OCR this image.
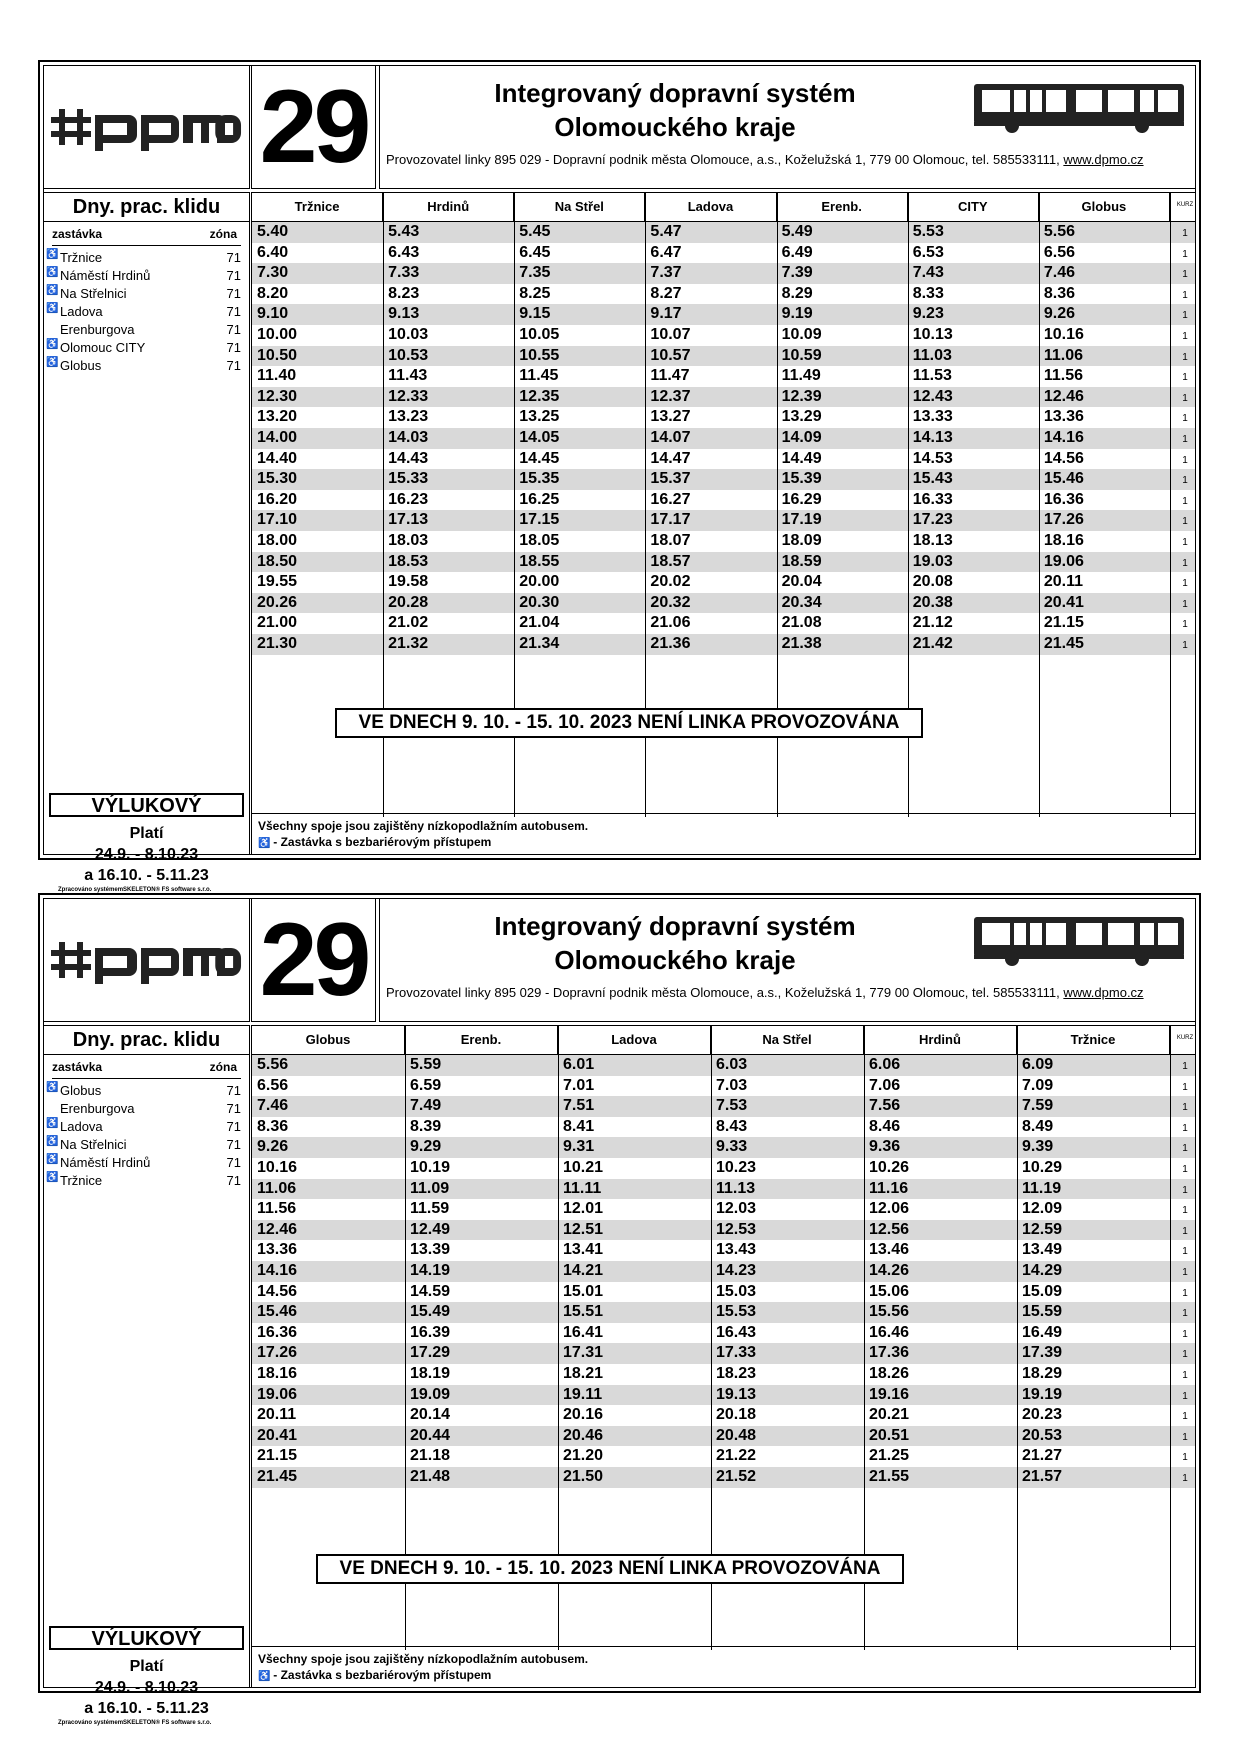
29	Integrovaný dopravní systém
Olomouckého kraje
Provozovatel linky 895 029 - Dopravní podnik města Olomouce, a.s., Koželužská 1, 779 00 Olomouc, tel. 585533111, www.dpmo.cz
Dny. prac. klidu
zastávka	zóna
♿ Tržnice	71
♿ Náměstí Hrdinů	71
♿ Na Střelnici	71
♿ Ladova	71
Erenburgova	71
♿ Olomouc CITY	71
♿ Globus	71
VÝLUKOVÝ
Platí
24.9. - 8.10.23
a 16.10. - 5.11.23
Zpracováno systémemSKELETON® FS software s.r.o.
Tržnice	Hrdinů	Na Střel	Ladova	Erenb.	CITY	Globus	KURZ
5.40	5.43	5.45	5.47	5.49	5.53	5.56	1
6.40	6.43	6.45	6.47	6.49	6.53	6.56	1
7.30	7.33	7.35	7.37	7.39	7.43	7.46	1
8.20	8.23	8.25	8.27	8.29	8.33	8.36	1
9.10	9.13	9.15	9.17	9.19	9.23	9.26	1
10.00	10.03	10.05	10.07	10.09	10.13	10.16	1
10.50	10.53	10.55	10.57	10.59	11.03	11.06	1
11.40	11.43	11.45	11.47	11.49	11.53	11.56	1
12.30	12.33	12.35	12.37	12.39	12.43	12.46	1
13.20	13.23	13.25	13.27	13.29	13.33	13.36	1
14.00	14.03	14.05	14.07	14.09	14.13	14.16	1
14.40	14.43	14.45	14.47	14.49	14.53	14.56	1
15.30	15.33	15.35	15.37	15.39	15.43	15.46	1
16.20	16.23	16.25	16.27	16.29	16.33	16.36	1
17.10	17.13	17.15	17.17	17.19	17.23	17.26	1
18.00	18.03	18.05	18.07	18.09	18.13	18.16	1
18.50	18.53	18.55	18.57	18.59	19.03	19.06	1
19.55	19.58	20.00	20.02	20.04	20.08	20.11	1
20.26	20.28	20.30	20.32	20.34	20.38	20.41	1
21.00	21.02	21.04	21.06	21.08	21.12	21.15	1
21.30	21.32	21.34	21.36	21.38	21.42	21.45	1
VE DNECH 9. 10. - 15. 10. 2023 NENÍ LINKA PROVOZOVÁNA
Všechny spoje jsou zajištěny nízkopodlažním autobusem.
♿ - Zastávka s bezbariérovým přístupem
29	Integrovaný dopravní systém
Olomouckého kraje
Provozovatel linky 895 029 - Dopravní podnik města Olomouce, a.s., Koželužská 1, 779 00 Olomouc, tel. 585533111, www.dpmo.cz
Dny. prac. klidu
zastávka	zóna
♿ Globus	71
Erenburgova	71
♿ Ladova	71
♿ Na Střelnici	71
♿ Náměstí Hrdinů	71
♿ Tržnice	71
VÝLUKOVÝ
Platí
24.9. - 8.10.23
a 16.10. - 5.11.23
Zpracováno systémemSKELETON® FS software s.r.o.
Globus	Erenb.	Ladova	Na Střel	Hrdinů	Tržnice	KURZ
5.56	5.59	6.01	6.03	6.06	6.09	1
6.56	6.59	7.01	7.03	7.06	7.09	1
7.46	7.49	7.51	7.53	7.56	7.59	1
8.36	8.39	8.41	8.43	8.46	8.49	1
9.26	9.29	9.31	9.33	9.36	9.39	1
10.16	10.19	10.21	10.23	10.26	10.29	1
11.06	11.09	11.11	11.13	11.16	11.19	1
11.56	11.59	12.01	12.03	12.06	12.09	1
12.46	12.49	12.51	12.53	12.56	12.59	1
13.36	13.39	13.41	13.43	13.46	13.49	1
14.16	14.19	14.21	14.23	14.26	14.29	1
14.56	14.59	15.01	15.03	15.06	15.09	1
15.46	15.49	15.51	15.53	15.56	15.59	1
16.36	16.39	16.41	16.43	16.46	16.49	1
17.26	17.29	17.31	17.33	17.36	17.39	1
18.16	18.19	18.21	18.23	18.26	18.29	1
19.06	19.09	19.11	19.13	19.16	19.19	1
20.11	20.14	20.16	20.18	20.21	20.23	1
20.41	20.44	20.46	20.48	20.51	20.53	1
21.15	21.18	21.20	21.22	21.25	21.27	1
21.45	21.48	21.50	21.52	21.55	21.57	1
VE DNECH 9. 10. - 15. 10. 2023 NENÍ LINKA PROVOZOVÁNA
Všechny spoje jsou zajištěny nízkopodlažním autobusem.
♿ - Zastávka s bezbariérovým přístupem
